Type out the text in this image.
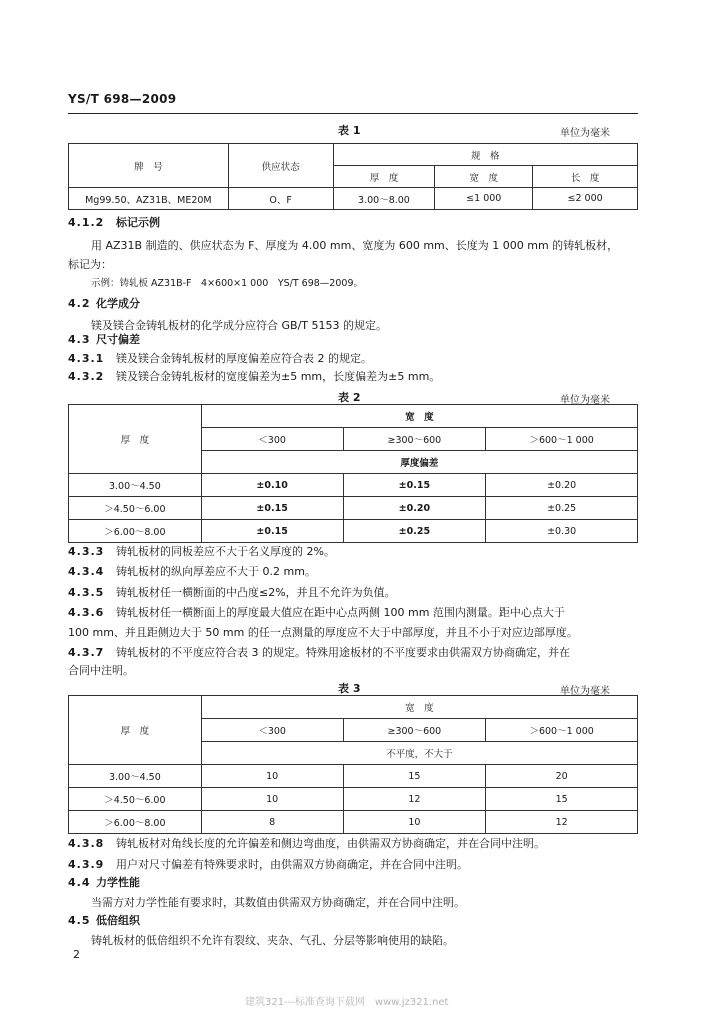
YS/T 698—2009
表 1	单位为毫米
牌　号	供应状态	规　格		
		厚　度	宽　度	长　度
Mg99.50、AZ31B、ME20M	O、F	3.00～8.00	≤1 000	≤2 000
4.1.2 标记示例
用 AZ31B 制造的、供应状态为 F、厚度为 4.00 mm、宽度为 600 mm、长度为 1 000 mm 的铸轧板材，
标记为：
示例：铸轧板 AZ31B-F　4×600×1 000　YS/T 698—2009。
4.2 化学成分
镁及镁合金铸轧板材的化学成分应符合 GB/T 5153 的规定。
4.3 尺寸偏差
4.3.1 镁及镁合金铸轧板材的厚度偏差应符合表 2 的规定。
4.3.2 镁及镁合金铸轧板材的宽度偏差为±5 mm，长度偏差为±5 mm。
表 2	单位为毫米
厚　度	宽　度		
	＜300	≥300～600	＞600～1 000
	厚度偏差		
3.00～4.50	±0.10	±0.15	±0.20
＞4.50～6.00	±0.15	±0.20	±0.25
＞6.00～8.00	±0.15	±0.25	±0.30
4.3.3 铸轧板材的同板差应不大于名义厚度的 2%。
4.3.4 铸轧板材的纵向厚差应不大于 0.2 mm。
4.3.5 铸轧板材任一横断面的中凸度≤2%，并且不允许为负值。
4.3.6 铸轧板材任一横断面上的厚度最大值应在距中心点两侧 100 mm 范围内测量。距中心点大于
100 mm、并且距侧边大于 50 mm 的任一点测量的厚度应不大于中部厚度，并且不小于对应边部厚度。
4.3.7 铸轧板材的不平度应符合表 3 的规定。特殊用途板材的不平度要求由供需双方协商确定，并在
合同中注明。
表 3	单位为毫米
厚　度	宽　度		
	＜300	≥300～600	＞600～1 000
	不平度，不大于		
3.00～4.50	10	15	20
＞4.50～6.00	10	12	15
＞6.00～8.00	8	10	12
4.3.8 铸轧板材对角线长度的允许偏差和侧边弯曲度，由供需双方协商确定，并在合同中注明。
4.3.9 用户对尺寸偏差有特殊要求时，由供需双方协商确定，并在合同中注明。
4.4 力学性能
当需方对力学性能有要求时，其数值由供需双方协商确定，并在合同中注明。
4.5 低倍组织
铸轧板材的低倍组织不允许有裂纹、夹杂、气孔、分层等影响使用的缺陷。
2
建筑321---标准查询下载网　www.jz321.net
